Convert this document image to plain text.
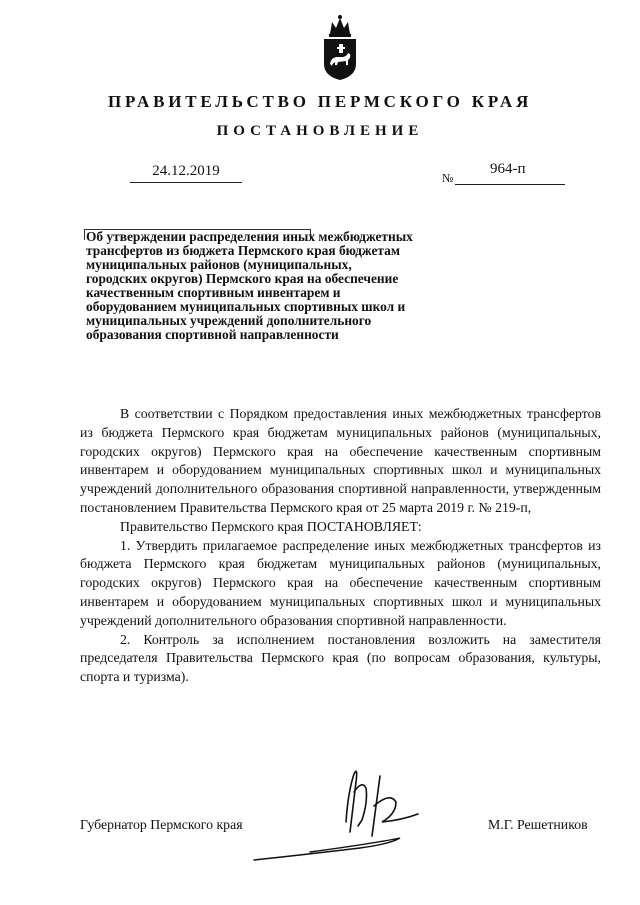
ПРАВИТЕЛЬСТВО ПЕРМСКОГО КРАЯ
ПОСТАНОВЛЕНИЕ
24.12.2019	№
964-п
Об утверждении распределения иных межбюджетных трансфертов из бюджета Пермского края бюджетам муниципальных районов (муниципальных, городских округов) Пермского края на обеспечение качественным спортивным инвентарем и оборудованием муниципальных спортивных школ и муниципальных учреждений дополнительного образования спортивной направленности

В соответствии с Порядком предоставления иных межбюджетных трансфертов из бюджета Пермского края бюджетам муниципальных районов (муниципальных, городских округов) Пермского края на обеспечение качественным спортивным инвентарем и оборудованием муниципальных спортивных школ и муниципальных учреждений дополнительного образования спортивной направленности, утвержденным постановлением Правительства Пермского края от 25 марта 2019 г. № 219-п,

Правительство Пермского края ПОСТАНОВЛЯЕТ:

1. Утвердить прилагаемое распределение иных межбюджетных трансфертов из бюджета Пермского края бюджетам муниципальных районов (муниципальных, городских округов) Пермского края на обеспечение качественным спортивным инвентарем и оборудованием муниципальных спортивных школ и муниципальных учреждений дополнительного образования спортивной направленности.

2. Контроль за исполнением постановления возложить на заместителя председателя Правительства Пермского края (по вопросам образования, культуры, спорта и туризма).

Губернатор Пермского края	М.Г. Решетников
